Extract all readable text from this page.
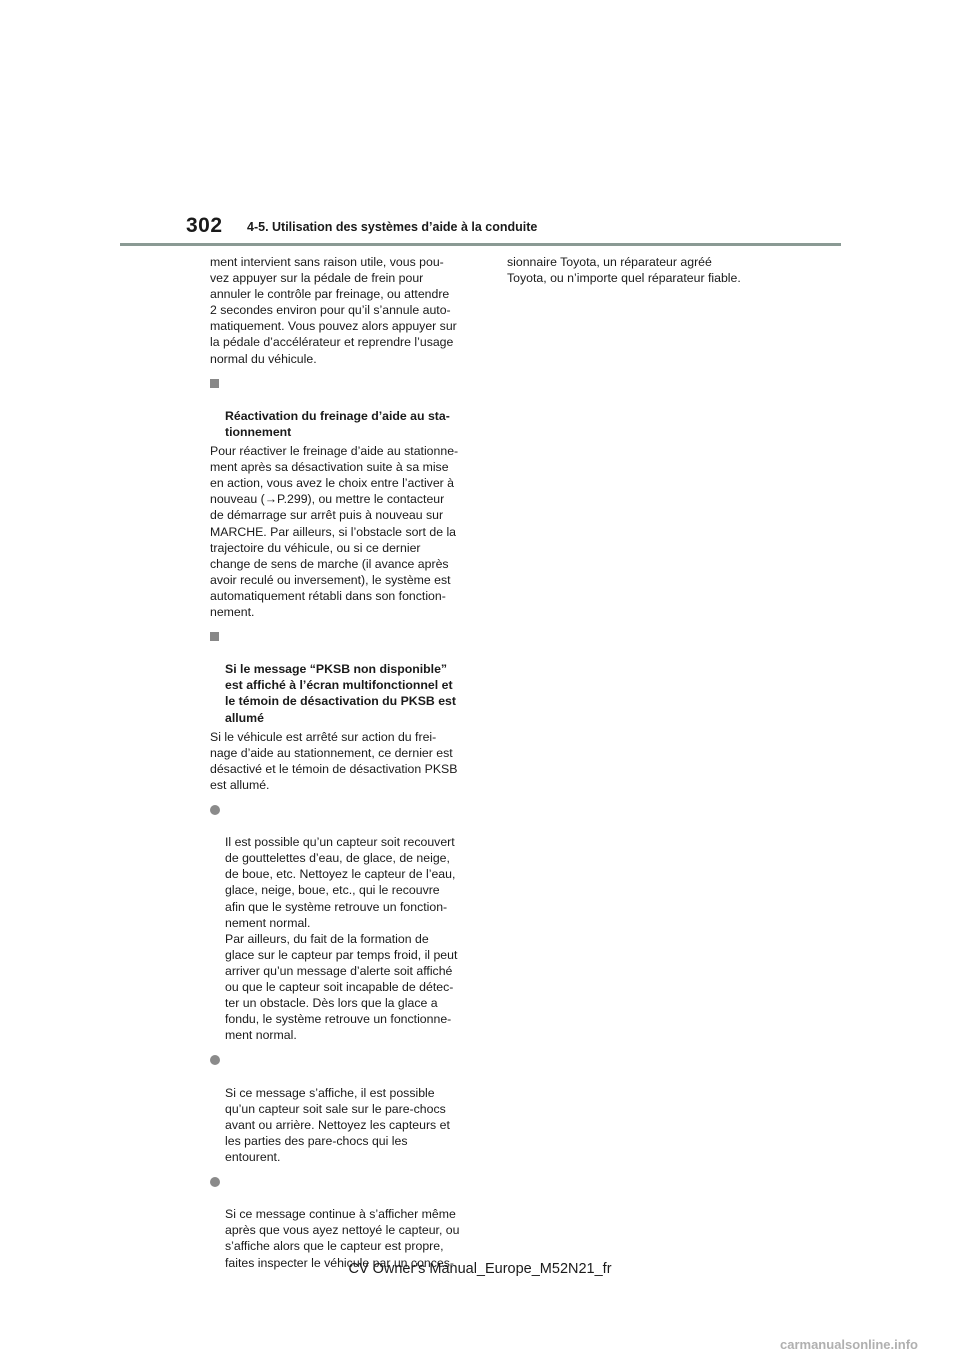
302 4-5. Utilisation des systèmes d’aide à la conduite

ment intervient sans raison utile, vous pou-
vez appuyer sur la pédale de frein pour
annuler le contrôle par freinage, ou attendre
2 secondes environ pour qu’il s’annule auto-
matiquement. Vous pouvez alors appuyer sur
la pédale d’accélérateur et reprendre l’usage
normal du véhicule.

Réactivation du freinage d’aide au sta-
tionnement

Pour réactiver le freinage d’aide au stationne-
ment après sa désactivation suite à sa mise
en action, vous avez le choix entre l’activer à
nouveau (→P.299), ou mettre le contacteur
de démarrage sur arrêt puis à nouveau sur
MARCHE. Par ailleurs, si l’obstacle sort de la
trajectoire du véhicule, ou si ce dernier
change de sens de marche (il avance après
avoir reculé ou inversement), le système est
automatiquement rétabli dans son fonction-
nement.

Si le message “PKSB non disponible”
est affiché à l’écran multifonctionnel et
le témoin de désactivation du PKSB est
allumé

Si le véhicule est arrêté sur action du frei-
nage d’aide au stationnement, ce dernier est
désactivé et le témoin de désactivation PKSB
est allumé.

Il est possible qu’un capteur soit recouvert
de gouttelettes d’eau, de glace, de neige,
de boue, etc. Nettoyez le capteur de l’eau,
glace, neige, boue, etc., qui le recouvre
afin que le système retrouve un fonction-
nement normal.
Par ailleurs, du fait de la formation de
glace sur le capteur par temps froid, il peut
arriver qu’un message d’alerte soit affiché
ou que le capteur soit incapable de détec-
ter un obstacle. Dès lors que la glace a
fondu, le système retrouve un fonctionne-
ment normal.

Si ce message s’affiche, il est possible
qu’un capteur soit sale sur le pare-chocs
avant ou arrière. Nettoyez les capteurs et
les parties des pare-chocs qui les
entourent.

Si ce message continue à s’afficher même
après que vous ayez nettoyé le capteur, ou
s’affiche alors que le capteur est propre,
faites inspecter le véhicule par un conces-

sionnaire Toyota, un réparateur agréé
Toyota, ou n’importe quel réparateur fiable.

CV Owner's Manual_Europe_M52N21_fr
carmanualsonline.info
